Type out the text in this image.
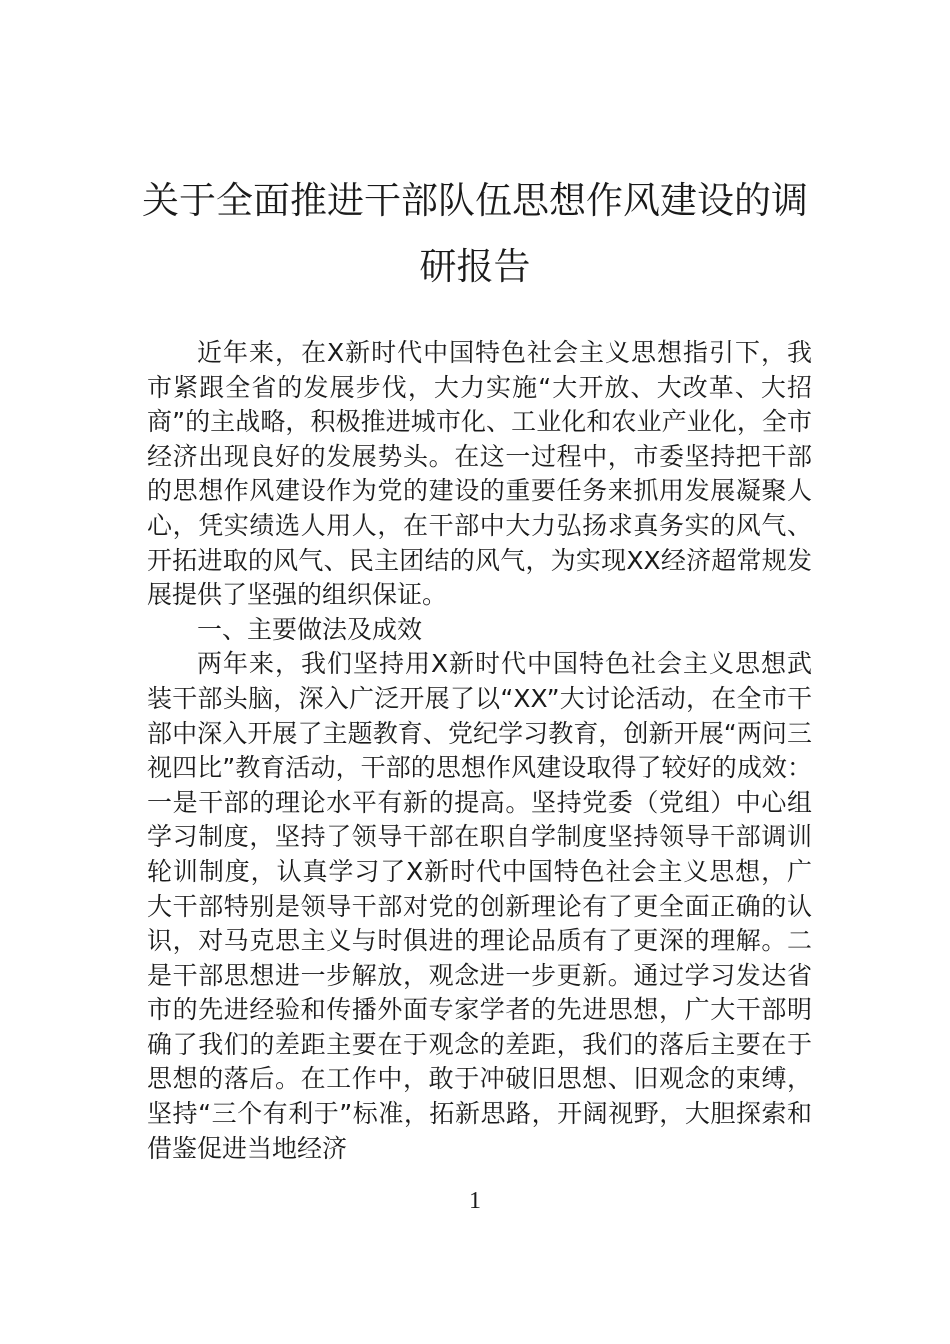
关于全面推进干部队伍思想作风建设的调
研报告

近年来，在X新时代中国特色社会主义思想指引下，我市紧跟全省的发展步伐，大力实施“大开放、大改革、大招商”的主战略，积极推进城市化、工业化和农业产业化，全市经济出现良好的发展势头。在这一过程中，市委坚持把干部的思想作风建设作为党的建设的重要任务来抓用发展凝聚人心，凭实绩选人用人，在干部中大力弘扬求真务实的风气、开拓进取的风气、民主团结的风气，为实现XX经济超常规发展提供了坚强的组织保证。

一、主要做法及成效

两年来，我们坚持用X新时代中国特色社会主义思想武装干部头脑，深入广泛开展了以“XX”大讨论活动，在全市干部中深入开展了主题教育、党纪学习教育，创新开展“两问三视四比”教育活动，干部的思想作风建设取得了较好的成效：一是干部的理论水平有新的提高。坚持党委（党组）中心组学习制度，坚持了领导干部在职自学制度坚持领导干部调训轮训制度，认真学习了X新时代中国特色社会主义思想，广大干部特别是领导干部对党的创新理论有了更全面正确的认识，对马克思主义与时俱进的理论品质有了更深的理解。二是干部思想进一步解放，观念进一步更新。通过学习发达省市的先进经验和传播外面专家学者的先进思想，广大干部明确了我们的差距主要在于观念的差距，我们的落后主要在于思想的落后。在工作中，敢于冲破旧思想、旧观念的束缚，坚持“三个有利于”标准，拓新思路，开阔视野，大胆探索和借鉴促进当地经济

1
